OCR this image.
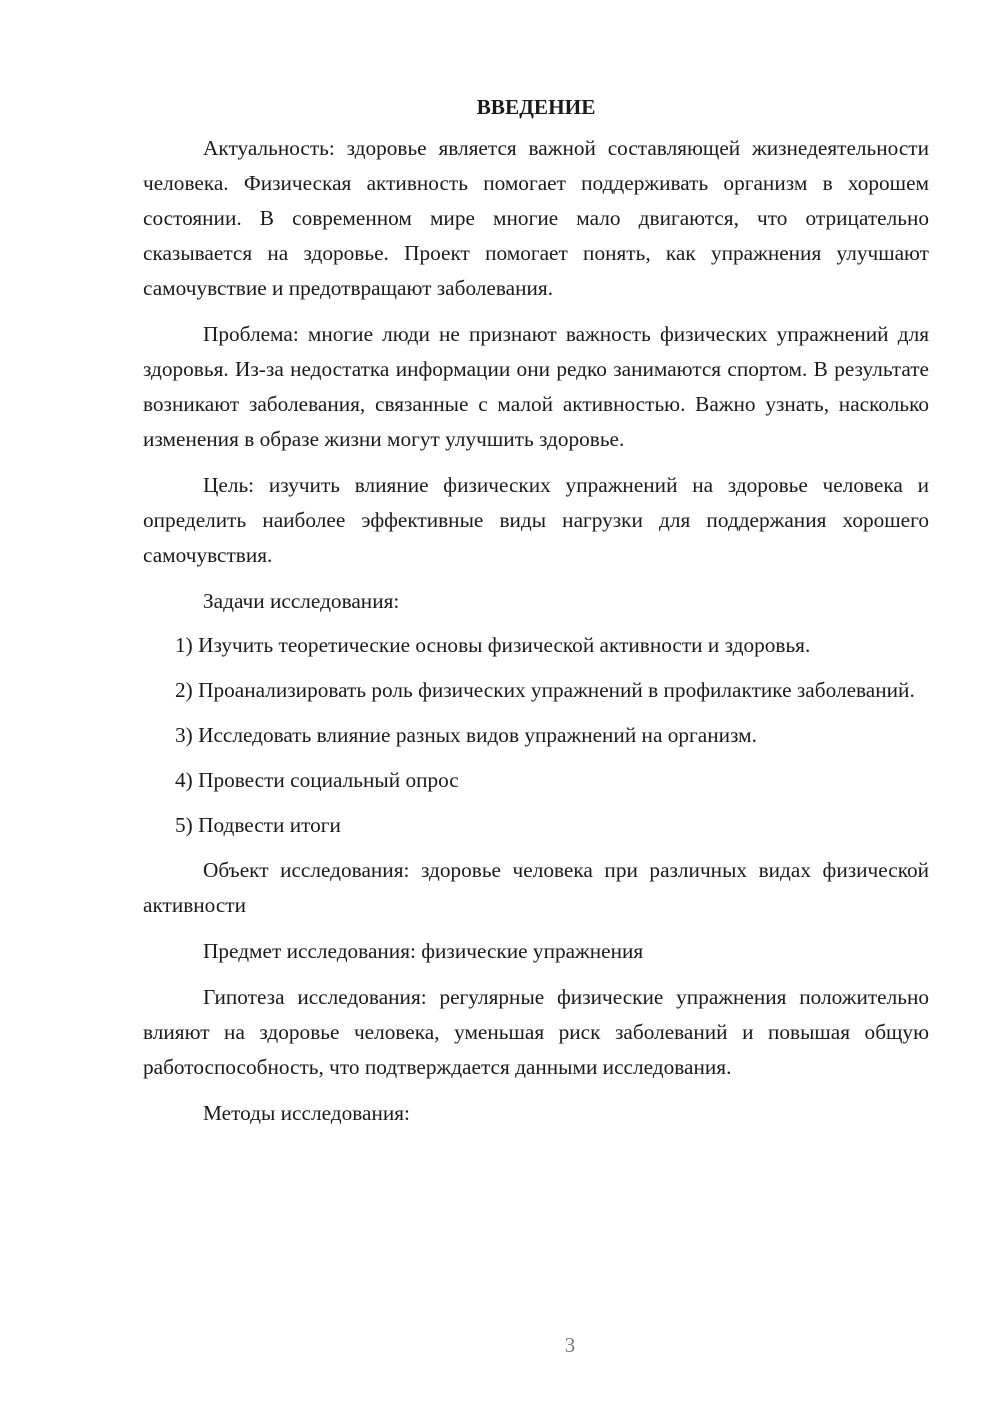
ВВЕДЕНИЕ

Актуальность: здоровье является важной составляющей жизнедеятельности человека. Физическая активность помогает поддерживать организм в хорошем состоянии. В современном мире многие мало двигаются, что отрицательно сказывается на здоровье. Проект помогает понять, как упражнения улучшают самочувствие и предотвращают заболевания.

Проблема: многие люди не признают важность физических упражнений для здоровья. Из-за недостатка информации они редко занимаются спортом. В результате возникают заболевания, связанные с малой активностью. Важно узнать, насколько изменения в образе жизни могут улучшить здоровье.

Цель: изучить влияние физических упражнений на здоровье человека и определить наиболее эффективные виды нагрузки для поддержания хорошего самочувствия.

Задачи исследования:

1) Изучить теоретические основы физической активности и здоровья.

2) Проанализировать роль физических упражнений в профилактике заболеваний.

3) Исследовать влияние разных видов упражнений на организм.

4) Провести социальный опрос

5) Подвести итоги

Объект исследования: здоровье человека при различных видах физической активности

Предмет исследования: физические упражнения

Гипотеза исследования: регулярные физические упражнения положительно влияют на здоровье человека, уменьшая риск заболеваний и повышая общую работоспособность, что подтверждается данными исследования.

Методы исследования:

3
